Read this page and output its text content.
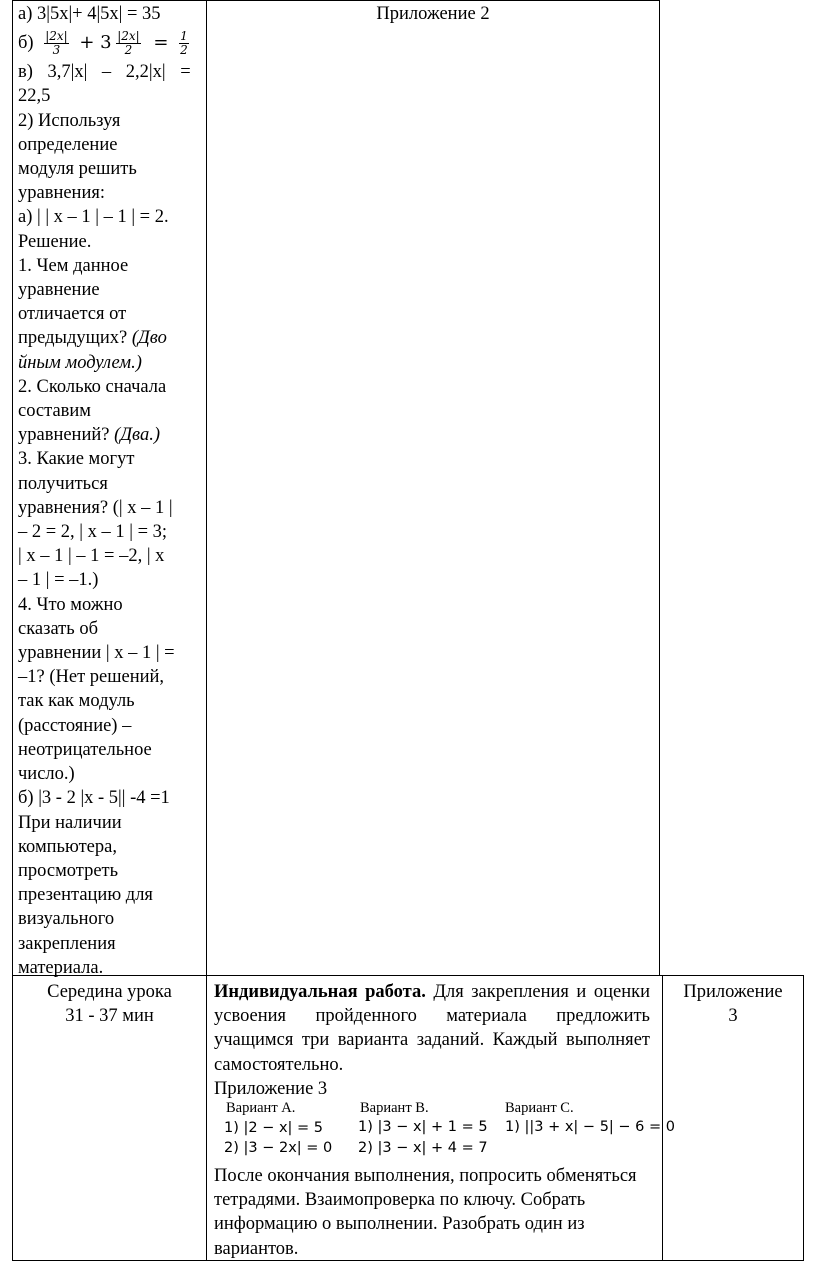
а) 3|5x|+ 4|5x| = 35
$б) \frac{|2x|}{3} + 3 \frac{|2x|}{2} = \frac{1}{2}$
в) 3,7|x| – 2,2|x| =
22,5
2) Используя
определение
модуля решить
уравнения:
а) | | x – 1 | – 1 | = 2.
Решение.
1. Чем данное
уравнение
отличается от
предыдущих? (Дво
йным модулем.)
2. Сколько сначала
составим
уравнений? (Два.)
3. Какие могут
получиться
уравнения? (| x – 1 |
– 2 = 2, | x – 1 | = 3;
| x – 1 | – 1 = –2, | x
– 1 | = –1.)
4. Что можно
сказать об
уравнении | x – 1 | =
–1? (Нет решений,
так как модуль
(расстояние) –
неотрицательное
число.)
б) |3 - 2 |x - 5|| -4 =1
При наличии
компьютера,
просмотреть
презентацию для
визуального
закрепления
материала.
Приложение 2
Середина урока
31 - 37 мин
Индивидуальная работа. Для закрепления и оценки усвоения пройденного материала предложить учащимся три варианта заданий. Каждый выполняет самостоятельно.
Приложение 3
Вариант А.
1) |2 − x| = 5
2) |3 − 2x| = 0
Вариант В.
1) |3 − x| + 1 = 5
2) |3 − x| + 4 = 7
Вариант С.
1) ||3 + x| − 5| − 6 = 0
После окончания выполнения, попросить обменяться тетрадями. Взаимопроверка по ключу. Собрать информацию о выполнении. Разобрать один из вариантов.
Приложение
3
